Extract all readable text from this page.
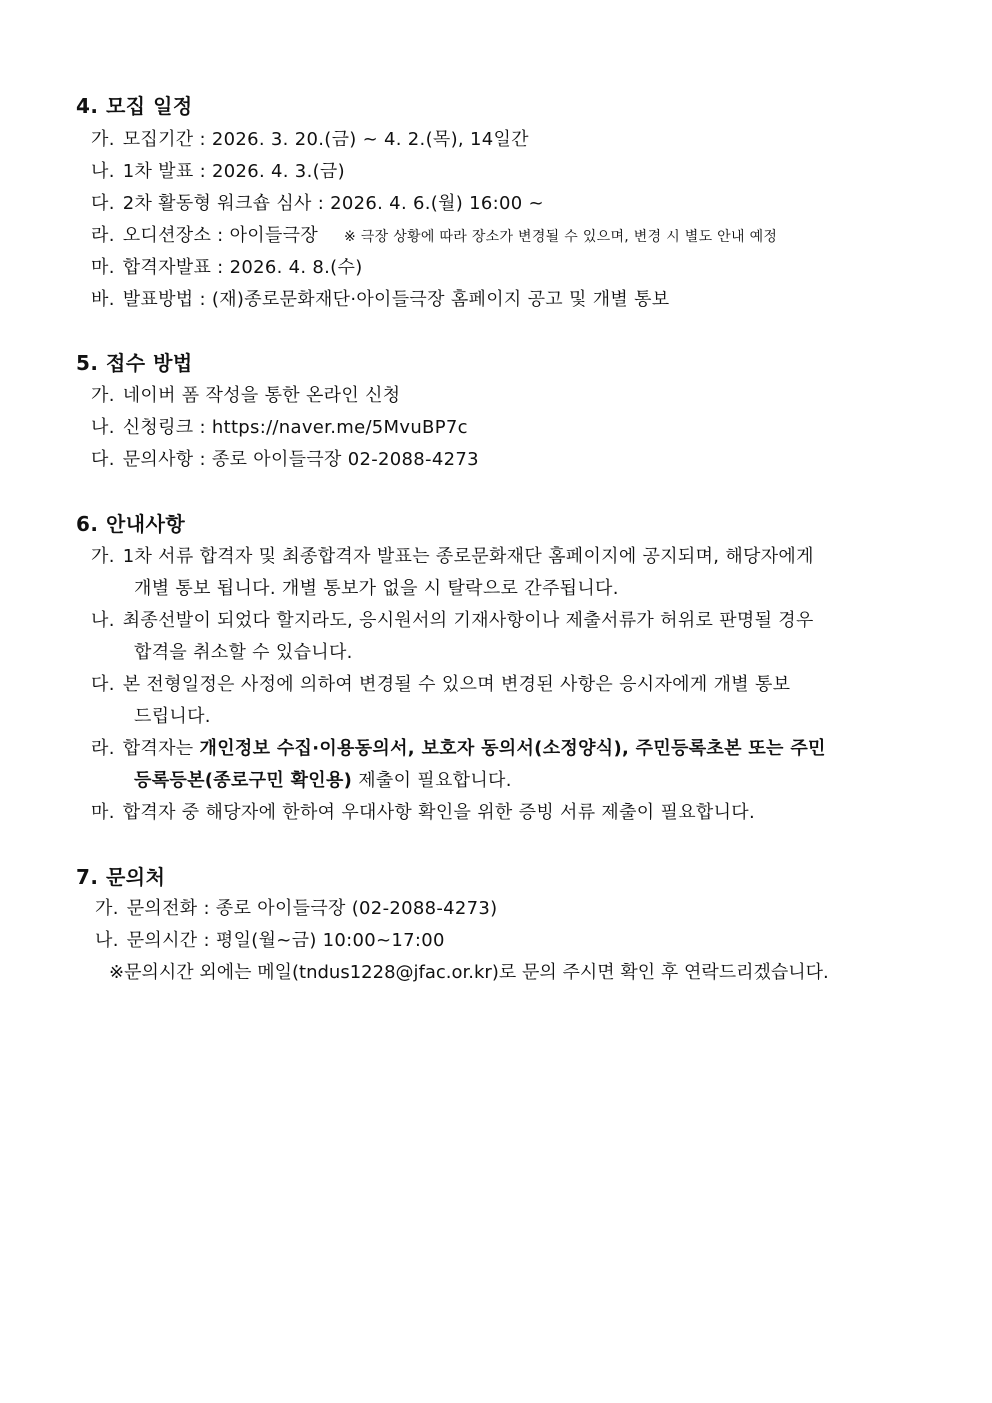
4. 모집 일정
가. 모집기간 : 2026. 3. 20.(금) ~ 4. 2.(목), 14일간
나. 1차 발표 : 2026. 4. 3.(금)
다. 2차 활동형 워크숍 심사 : 2026. 4. 6.(월) 16:00 ~
라. 오디션장소 : 아이들극장 ※ 극장 상황에 따라 장소가 변경될 수 있으며, 변경 시 별도 안내 예정
마. 합격자발표 : 2026. 4. 8.(수)
바. 발표방법 : (재)종로문화재단·아이들극장 홈페이지 공고 및 개별 통보
5. 접수 방법
가. 네이버 폼 작성을 통한 온라인 신청
나. 신청링크 : https://naver.me/5MvuBP7c
다. 문의사항 : 종로 아이들극장 02-2088-4273
6. 안내사항
가. 1차 서류 합격자 및 최종합격자 발표는 종로문화재단 홈페이지에 공지되며, 해당자에게
개별 통보 됩니다. 개별 통보가 없을 시 탈락으로 간주됩니다.
나. 최종선발이 되었다 할지라도, 응시원서의 기재사항이나 제출서류가 허위로 판명될 경우
합격을 취소할 수 있습니다.
다. 본 전형일정은 사정에 의하여 변경될 수 있으며 변경된 사항은 응시자에게 개별 통보
드립니다.
라. 합격자는 개인정보 수집·이용동의서, 보호자 동의서(소정양식), 주민등록초본 또는 주민
등록등본(종로구민 확인용) 제출이 필요합니다.
마. 합격자 중 해당자에 한하여 우대사항 확인을 위한 증빙 서류 제출이 필요합니다.
7. 문의처
가. 문의전화 : 종로 아이들극장 (02-2088-4273)
나. 문의시간 : 평일(월~금) 10:00~17:00
※문의시간 외에는 메일(tndus1228@jfac.or.kr)로 문의 주시면 확인 후 연락드리겠습니다.
